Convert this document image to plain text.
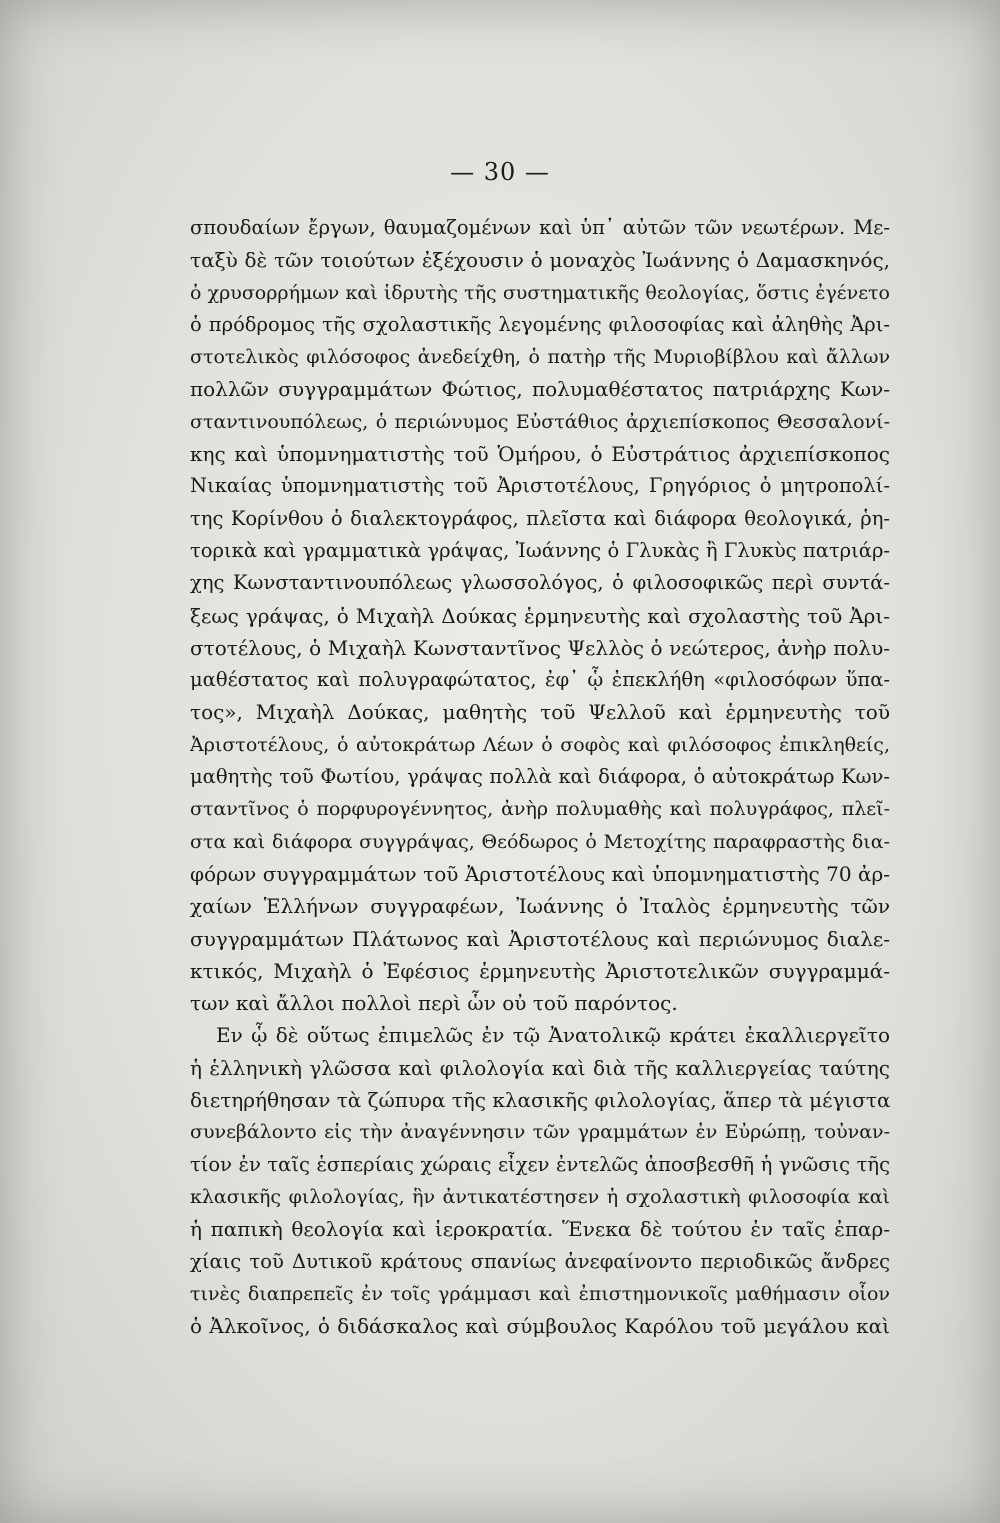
— 30 —
σπουδαίων ἔργων, θαυμαζομένων καὶ ὑπ᾽ αὐτῶν τῶν νεωτέρων. Με-
ταξὺ δὲ τῶν τοιούτων ἐξέχουσιν ὁ μοναχὸς Ἰωάννης ὁ Δαμασκηνός,
ὁ χρυσορρήμων καὶ ἱδρυτὴς τῆς συστηματικῆς θεολογίας, ὅστις ἐγένετο
ὁ πρόδρομος τῆς σχολαστικῆς λεγομένης φιλοσοφίας καὶ ἀληθὴς Ἀρι-
στοτελικὸς φιλόσοφος ἀνεδείχθη, ὁ πατὴρ τῆς Μυριοβίβλου καὶ ἄλλων
πολλῶν συγγραμμάτων Φώτιος, πολυμαθέστατος πατριάρχης Κων-
σταντινουπόλεως, ὁ περιώνυμος Εὐστάθιος ἀρχιεπίσκοπος Θεσσαλονί-
κης καὶ ὑπομνηματιστὴς τοῦ Ὁμήρου, ὁ Εὐστράτιος ἀρχιεπίσκοπος
Νικαίας ὑπομνηματιστὴς τοῦ Ἀριστοτέλους, Γρηγόριος ὁ μητροπολί-
της Κορίνθου ὁ διαλεκτογράφος, πλεῖστα καὶ διάφορα θεολογικά, ῥη-
τορικὰ καὶ γραμματικὰ γράψας, Ἰωάννης ὁ Γλυκὰς ἢ Γλυκὺς πατριάρ-
χης Κωνσταντινουπόλεως γλωσσολόγος, ὁ φιλοσοφικῶς περὶ συντά-
ξεως γράψας, ὁ Μιχαὴλ Δούκας ἑρμηνευτὴς καὶ σχολαστὴς τοῦ Ἀρι-
στοτέλους, ὁ Μιχαὴλ Κωνσταντῖνος Ψελλὸς ὁ νεώτερος, ἀνὴρ πολυ-
μαθέστατος καὶ πολυγραφώτατος, ἐφ᾽ ᾧ ἐπεκλήθη «φιλοσόφων ὕπα-
τος», Μιχαὴλ Δούκας, μαθητὴς τοῦ Ψελλοῦ καὶ ἑρμηνευτὴς τοῦ
Ἀριστοτέλους, ὁ αὐτοκράτωρ Λέων ὁ σοφὸς καὶ φιλόσοφος ἐπικληθείς,
μαθητὴς τοῦ Φωτίου, γράψας πολλὰ καὶ διάφορα, ὁ αὐτοκράτωρ Κων-
σταντῖνος ὁ πορφυρογέννητος, ἀνὴρ πολυμαθὴς καὶ πολυγράφος, πλεῖ-
στα καὶ διάφορα συγγράψας, Θεόδωρος ὁ Μετοχίτης παραφραστὴς δια-
φόρων συγγραμμάτων τοῦ Ἀριστοτέλους καὶ ὑπομνηματιστὴς 70 ἀρ-
χαίων Ἑλλήνων συγγραφέων, Ἰωάννης ὁ Ἰταλὸς ἑρμηνευτὴς τῶν
συγγραμμάτων Πλάτωνος καὶ Ἀριστοτέλους καὶ περιώνυμος διαλε-
κτικός, Μιχαὴλ ὁ Ἐφέσιος ἑρμηνευτὴς Ἀριστοτελικῶν συγγραμμά-
των καὶ ἄλλοι πολλοὶ περὶ ὧν οὐ τοῦ παρόντος.
Εν ᾧ δὲ οὕτως ἐπιμελῶς ἐν τῷ Ἀνατολικῷ κράτει ἐκαλλιεργεῖτο
ἡ ἑλληνικὴ γλῶσσα καὶ φιλολογία καὶ διὰ τῆς καλλιεργείας ταύτης
διετηρήθησαν τὰ ζώπυρα τῆς κλασικῆς φιλολογίας, ἅπερ τὰ μέγιστα
συνεβάλοντο εἰς τὴν ἀναγέννησιν τῶν γραμμάτων ἐν Εὐρώπῃ, τοὐναν-
τίον ἐν ταῖς ἑσπερίαις χώραις εἶχεν ἐντελῶς ἀποσβεσθῆ ἡ γνῶσις τῆς
κλασικῆς φιλολογίας, ἣν ἀντικατέστησεν ἡ σχολαστικὴ φιλοσοφία καὶ
ἡ παπικὴ θεολογία καὶ ἱεροκρατία. Ἕνεκα δὲ τούτου ἐν ταῖς ἐπαρ-
χίαις τοῦ Δυτικοῦ κράτους σπανίως ἀνεφαίνοντο περιοδικῶς ἄνδρες
τινὲς διαπρεπεῖς ἐν τοῖς γράμμασι καὶ ἐπιστημονικοῖς μαθήμασιν οἷον
ὁ Ἀλκοῖνος, ὁ διδάσκαλος καὶ σύμβουλος Καρόλου τοῦ μεγάλου καὶ
